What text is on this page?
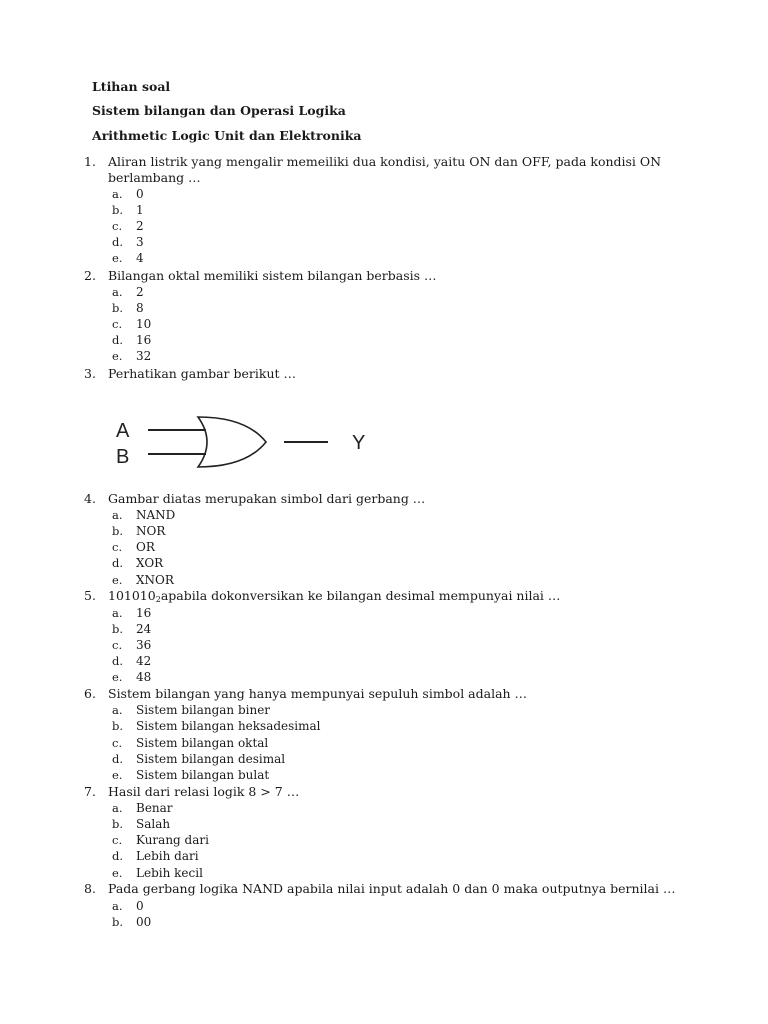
Ltihan soal
Sistem bilangan dan Operasi Logika
Arithmetic Logic Unit dan Elektronika
1. Aliran listrik yang mengalir memeiliki dua kondisi, yaitu ON dan OFF, pada kondisi ON
berlambang …
a. 0
b. 1
c. 2
d. 3
e. 4
2. Bilangan oktal memiliki sistem bilangan berbasis …
a. 2
b. 8
c. 10
d. 16
e. 32
3. Perhatikan gambar berikut …
A
B
Y
4. Gambar diatas merupakan simbol dari gerbang …
a. NAND
b. NOR
c. OR
d. XOR
e. XNOR
5. $101010_2apabila$ dokonversikan ke bilangan desimal mempunyai nilai …
a. 16
b. 24
c. 36
d. 42
e. 48
6. Sistem bilangan yang hanya mempunyai sepuluh simbol adalah …
a. Sistem bilangan biner
b. Sistem bilangan heksadesimal
c. Sistem bilangan oktal
d. Sistem bilangan desimal
e. Sistem bilangan bulat
7. Hasil dari relasi logik 8 > 7 …
a. Benar
b. Salah
c. Kurang dari
d. Lebih dari
e. Lebih kecil
8. Pada gerbang logika NAND apabila nilai input adalah 0 dan 0 maka outputnya bernilai …
a. 0
b. 00
